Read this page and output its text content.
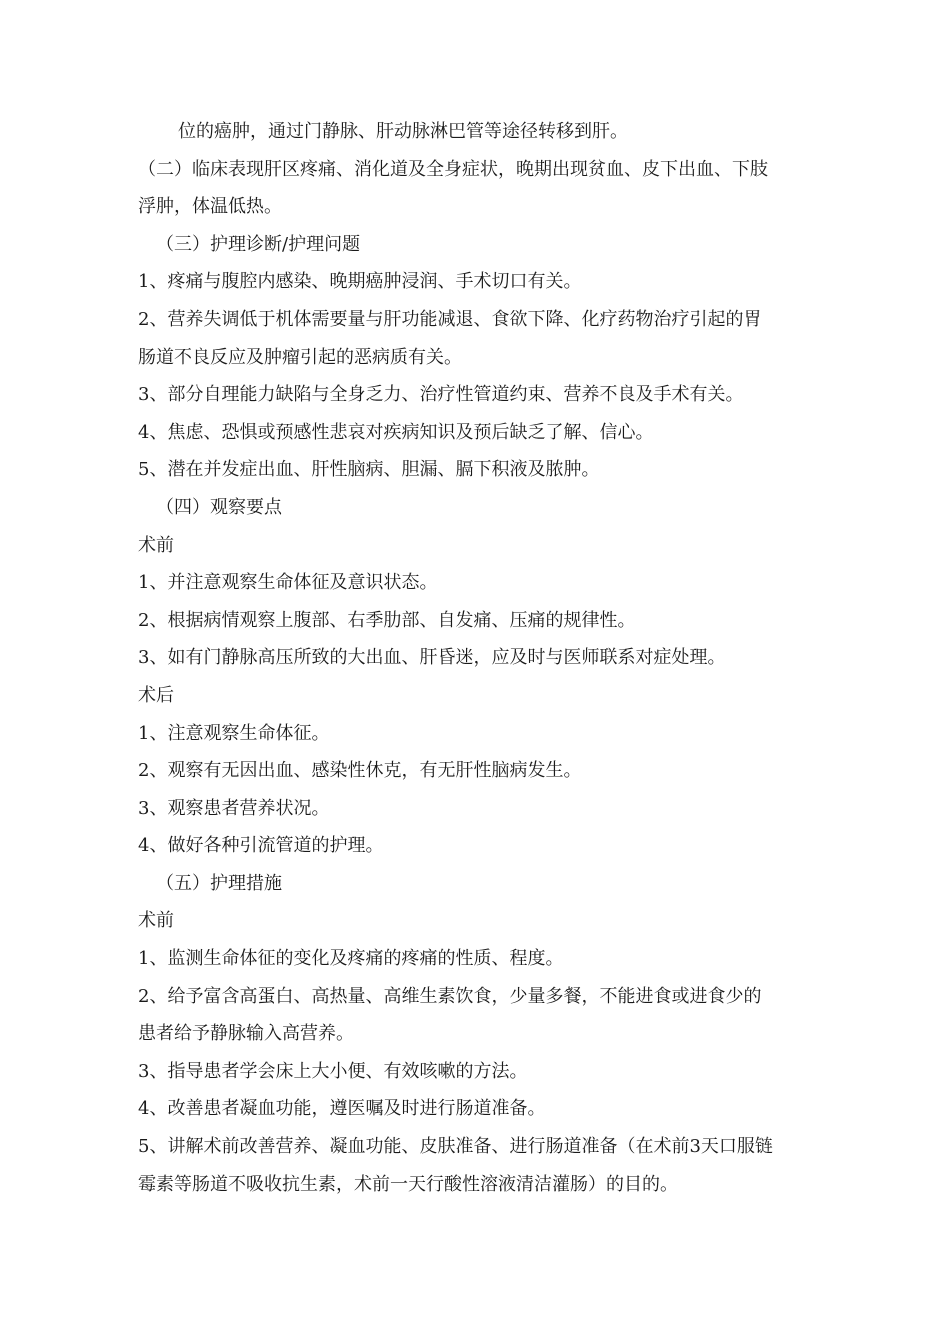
位的癌肿，通过门静脉、肝动脉淋巴管等途径转移到肝。
（二）临床表现肝区疼痛、消化道及全身症状，晚期出现贫血、皮下出血、下肢
浮肿，体温低热。
（三）护理诊断/护理问题
1、疼痛与腹腔内感染、晚期癌肿浸润、手术切口有关。
2、营养失调低于机体需要量与肝功能减退、食欲下降、化疗药物治疗引起的胃
肠道不良反应及肿瘤引起的恶病质有关。
3、部分自理能力缺陷与全身乏力、治疗性管道约束、营养不良及手术有关。
4、焦虑、恐惧或预感性悲哀对疾病知识及预后缺乏了解、信心。
5、潜在并发症出血、肝性脑病、胆漏、膈下积液及脓肿。
（四）观察要点
术前
1、并注意观察生命体征及意识状态。
2、根据病情观察上腹部、右季肋部、自发痛、压痛的规律性。
3、如有门静脉高压所致的大出血、肝昏迷，应及时与医师联系对症处理。
术后
1、注意观察生命体征。
2、观察有无因出血、感染性休克，有无肝性脑病发生。
3、观察患者营养状况。
4、做好各种引流管道的护理。
（五）护理措施
术前
1、监测生命体征的变化及疼痛的疼痛的性质、程度。
2、给予富含高蛋白、高热量、高维生素饮食，少量多餐，不能进食或进食少的
患者给予静脉输入高营养。
3、指导患者学会床上大小便、有效咳嗽的方法。
4、改善患者凝血功能，遵医嘱及时进行肠道准备。
5、讲解术前改善营养、凝血功能、皮肤准备、进行肠道准备（在术前3天口服链
霉素等肠道不吸收抗生素，术前一天行酸性溶液清洁灌肠）的目的。
